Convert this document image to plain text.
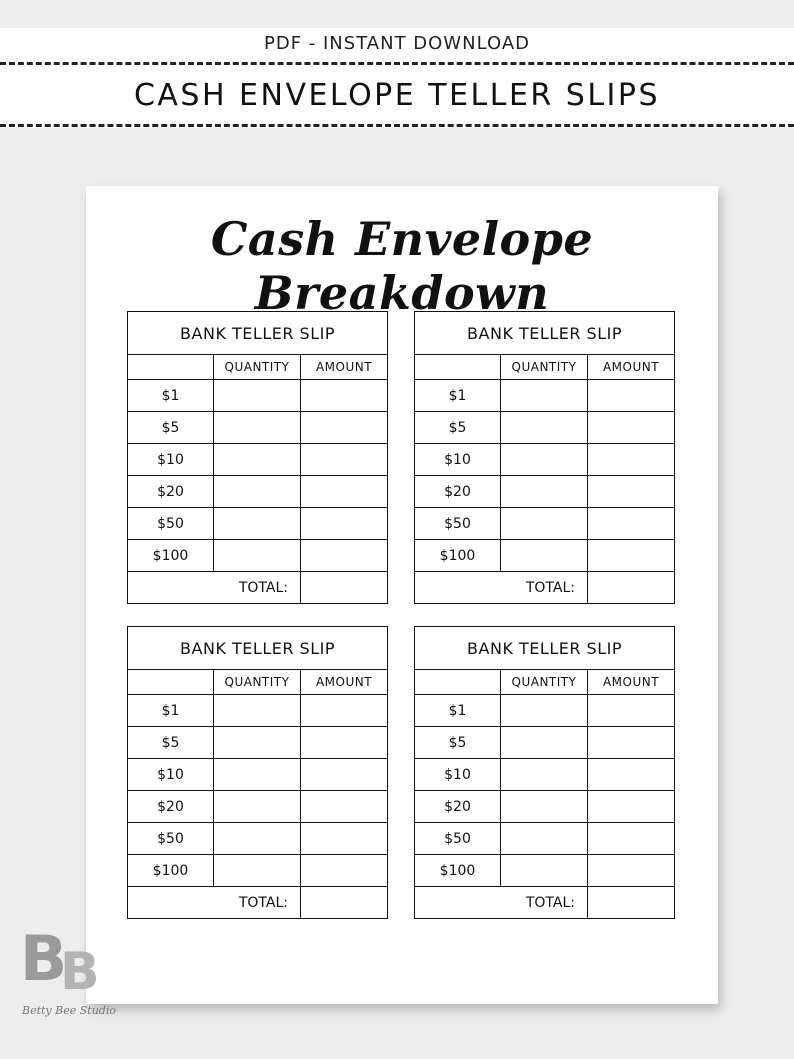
PDF - INSTANT DOWNLOAD
CASH ENVELOPE TELLER SLIPS
Cash Envelope Breakdown
BANK TELLER SLIP		
	QUANTITY	AMOUNT
$1		
$5		
$10		
$20		
$50		
$100		
TOTAL:		
BANK TELLER SLIP		
	QUANTITY	AMOUNT
$1		
$5		
$10		
$20		
$50		
$100		
TOTAL:		
BANK TELLER SLIP		
	QUANTITY	AMOUNT
$1		
$5		
$10		
$20		
$50		
$100		
TOTAL:		
BANK TELLER SLIP		
	QUANTITY	AMOUNT
$1		
$5		
$10		
$20		
$50		
$100		
TOTAL:		
B
B
Betty Bee Studio
